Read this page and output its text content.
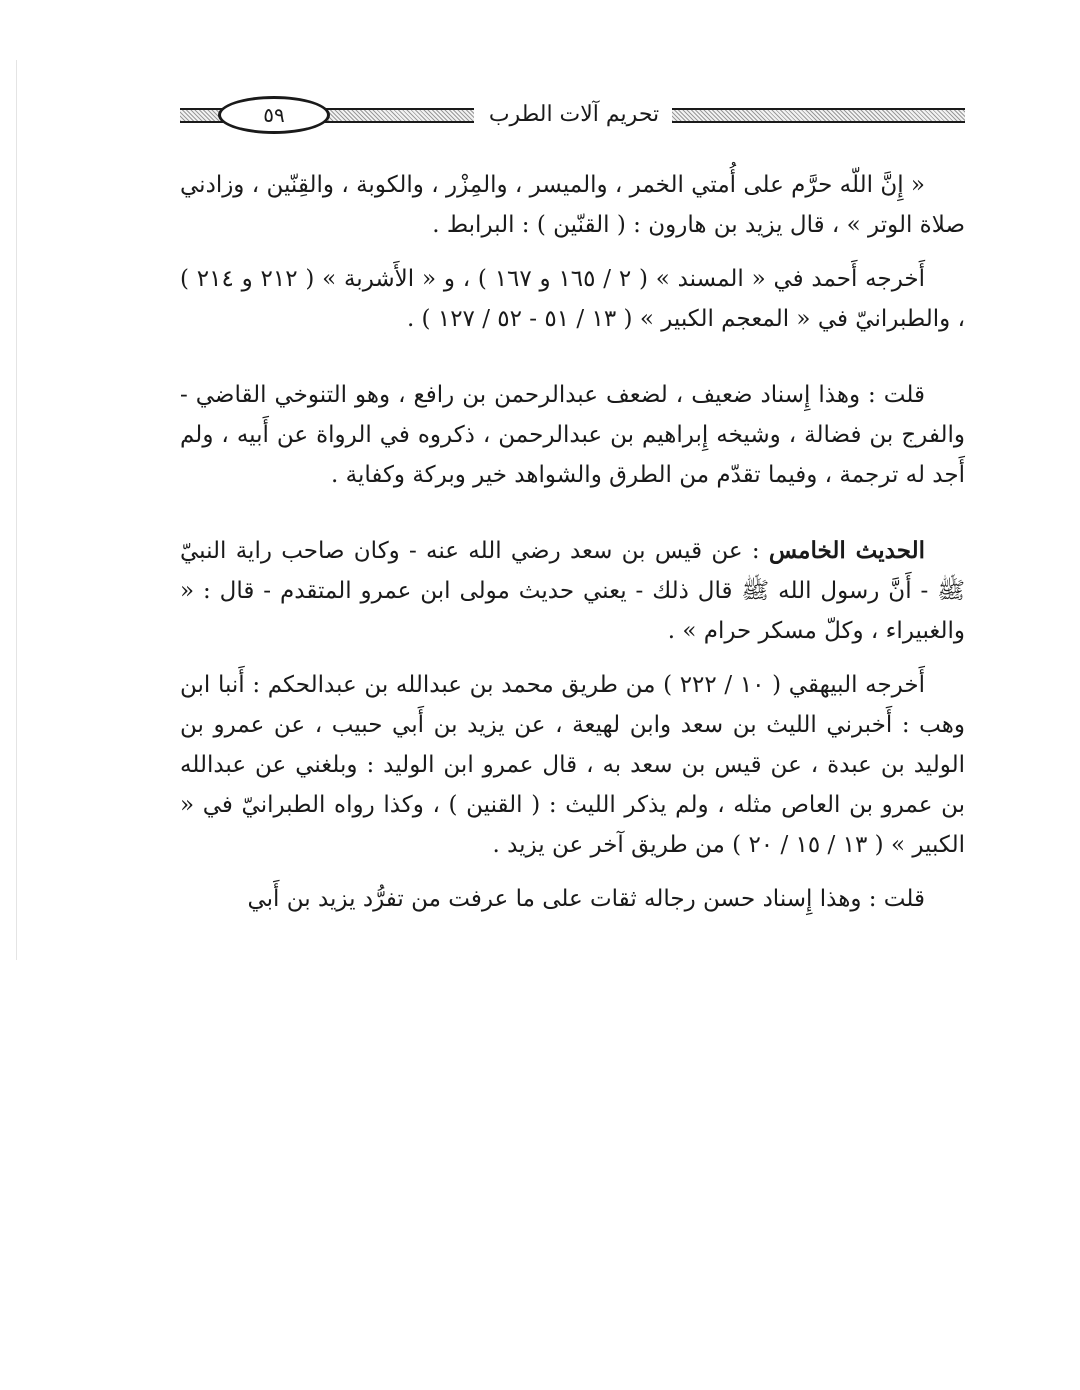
٥٩	تحريم آلات الطرب

« إِنَّ اللّه حرَّم على أُمتي الخمر ، والميسر ، والمِزْر ، والكوبة ، والقِنّين ، وزادني صلاة الوتر » ، قال يزيد بن هارون : ( القنّين ) : البرابط .

أَخرجه أَحمد في « المسند » ( ٢ / ١٦٥ و ١٦٧ ) ، و « الأَشربة » ( ٢١٢ و ٢١٤ ) ، والطبرانيّ في « المعجم الكبير » ( ١٣ / ٥١ - ٥٢ / ١٢٧ ) .

قلت : وهذا إِسناد ضعيف ، لضعف عبدالرحمن بن رافع ، وهو التنوخي القاضي - والفرج بن فضالة ، وشيخه إِبراهيم بن عبدالرحمن ، ذكروه في الرواة عن أَبيه ، ولم أَجد له ترجمة ، وفيما تقدّم من الطرق والشواهد خير وبركة وكفاية .

الحديث الخامس : عن قيس بن سعد رضي الله عنه - وكان صاحب راية النبيّ ﷺ - أَنَّ رسول الله ﷺ قال ذلك - يعني حديث مولى ابن عمرو المتقدم - قال : « والغبيراء ، وكلّ مسكر حرام » .

أَخرجه البيهقي ( ١٠ / ٢٢٢ ) من طريق محمد بن عبدالله بن عبدالحكم : أَنبا ابن وهب : أَخبرني الليث بن سعد وابن لهيعة ، عن يزيد بن أَبي حبيب ، عن عمرو بن الوليد بن عبدة ، عن قيس بن سعد به ، قال عمرو ابن الوليد : وبلغني عن عبدالله بن عمرو بن العاص مثله ، ولم يذكر الليث : ( القنين ) ، وكذا رواه الطبرانيّ في « الكبير » ( ١٣ / ١٥ / ٢٠ ) من طريق آخر عن يزيد .

قلت : وهذا إِسناد حسن رجاله ثقات على ما عرفت من تفرُّد يزيد بن أَبي
